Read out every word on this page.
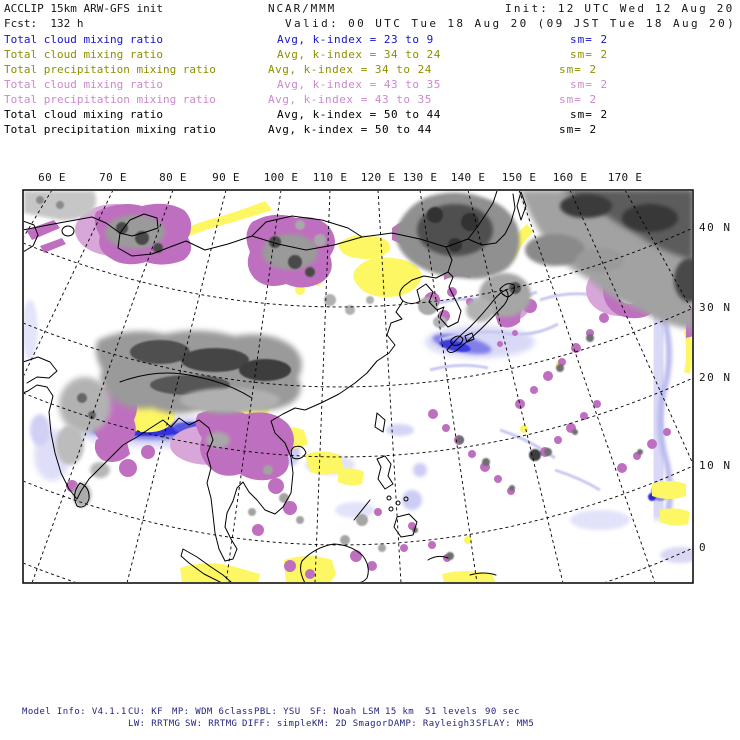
ACCLIP 15km ARW-GFS init	NCAR/MMM	Init: 12 UTC Wed 12 Aug 20
Fcst:  132 h	Valid: 00 UTC Tue 18 Aug 20 (09 JST Tue 18 Aug 20)
Total cloud mixing ratio	Avg, k-index = 23 to 9	sm= 2
Total cloud mixing ratio	Avg, k-index = 34 to 24	sm= 2
Total precipitation mixing ratio	Avg, k-index = 34 to 24	sm= 2
Total cloud mixing ratio	Avg, k-index = 43 to 35	sm= 2
Total precipitation mixing ratio	Avg, k-index = 43 to 35	sm= 2
Total cloud mixing ratio	Avg, k-index = 50 to 44	sm= 2
Total precipitation mixing ratio	Avg, k-index = 50 to 44	sm= 2
60 E	70 E	80 E 90 E 100 E 110 E 120 E 130 E 140 E 150 E 160 E 170 E
40 N
30 N
20 N
10 N
0
Model Info: V4.1.1 CU: KF MP: WDM 6class PBL: YSU SF: Noah LSM 15 km 51 levels 90 sec
LW: RRTMG SW: RRTMG DIFF: simple KM: 2D Smagor DAMP: Rayleigh3 SFLAY: MM5
